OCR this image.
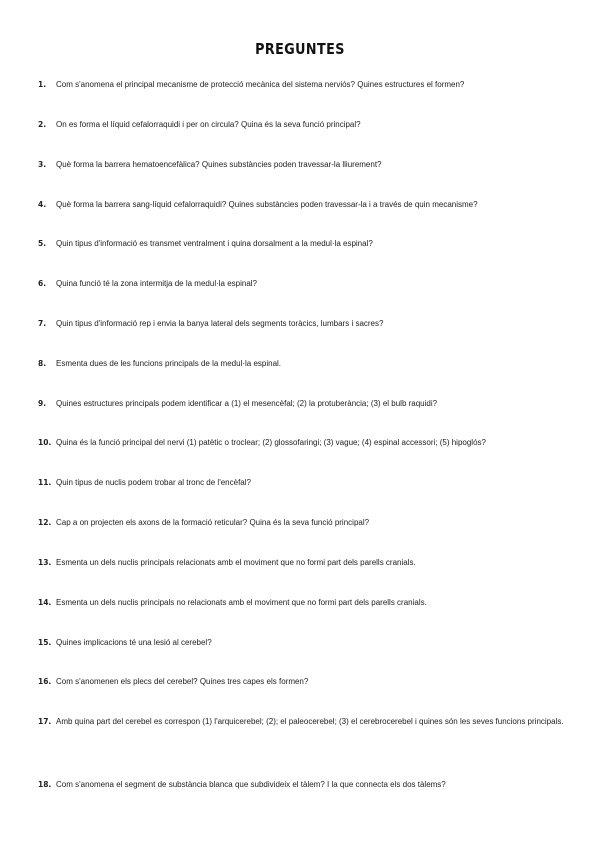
PREGUNTES
1. Com s'anomena el principal mecanisme de protecció mecànica del sistema nerviós? Quines estructures el formen?
2. On es forma el líquid cefalorraquidi i per on circula? Quina és la seva funció principal?
3. Què forma la barrera hematoencefàlica? Quines substàncies poden travessar-la lliurement?
4. Què forma la barrera sang-líquid cefalorraquidi? Quines substàncies poden travessar-la i a través de quin mecanisme?
5. Quin tipus d'informació es transmet ventralment i quina dorsalment a la medul·la espinal?
6. Quina funció té la zona intermitja de la medul·la espinal?
7. Quin tipus d'informació rep i envia la banya lateral dels segments toràcics, lumbars i sacres?
8. Esmenta dues de les funcions principals de la medul·la espinal.
9. Quines estructures principals podem identificar a (1) el mesencèfal; (2) la protuberància; (3) el bulb raquidi?
10. Quina és la funció principal del nervi (1) patètic o troclear; (2) glossofaringi; (3) vague; (4) espinal accessori; (5) hipoglós?
11. Quin tipus de nuclis podem trobar al tronc de l'encèfal?
12. Cap a on projecten els axons de la formació reticular? Quina és la seva funció principal?
13. Esmenta un dels nuclis principals relacionats amb el moviment que no formi part dels parells cranials.
14. Esmenta un dels nuclis principals no relacionats amb el moviment que no formi part dels parells cranials.
15. Quines implicacions té una lesió al cerebel?
16. Com s'anomenen els plecs del cerebel? Quines tres capes els formen?
17. Amb quina part del cerebel es correspon (1) l'arquicerebel; (2); el paleocerebel; (3) el cerebrocerebel i quines són les seves funcions principals.
18. Com s'anomena el segment de substància blanca que subdivideix el tàlem? I la que connecta els dos tàlems?
